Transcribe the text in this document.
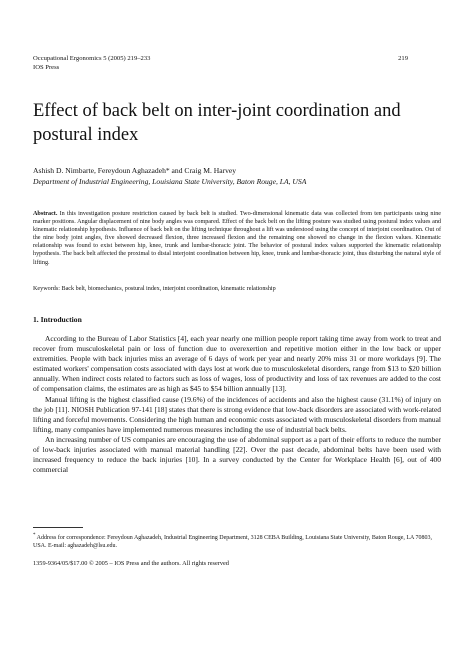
Occupational Ergonomics 5 (2005) 219–233
IOS Press
219
Effect of back belt on inter-joint coordination and postural index
Ashish D. Nimbarte, Fereydoun Aghazadeh* and Craig M. Harvey
Department of Industrial Engineering, Louisiana State University, Baton Rouge, LA, USA

Abstract. In this investigation posture restriction caused by back belt is studied. Two-dimensional kinematic data was collected from ten participants using nine marker positions. Angular displacement of nine body angles was compared. Effect of the back belt on the lifting posture was studied using postural index values and kinematic relationship hypothesis. Influence of back belt on the lifting technique throughout a lift was understood using the concept of interjoint coordination. Out of the nine body joint angles, five showed decreased flexion, three increased flexion and the remaining one showed no change in the flexion values. Kinematic relationship was found to exist between hip, knee, trunk and lumbar-thoracic joint. The behavior of postural index values supported the kinematic relationship hypothesis. The back belt affected the proximal to distal interjoint coordination between hip, knee, trunk and lumbar-thoracic joint, thus disturbing the natural style of lifting.

Keywords: Back belt, biomechanics, postural index, interjoint coordination, kinematic relationship

1. Introduction

According to the Bureau of Labor Statistics [4], each year nearly one million people report taking time away from work to treat and recover from musculoskeletal pain or loss of function due to overexertion and repetitive motion either in the low back or upper extremities. People with back injuries miss an average of 6 days of work per year and nearly 20% miss 31 or more workdays [9]. The estimated workers' compensation costs associated with days lost at work due to musculoskeletal disorders, range from $13 to $20 billion annually. When indirect costs related to factors such as loss of wages, loss of productivity and loss of tax revenues are added to the cost of compensation claims, the estimates are as high as $45 to $54 billion annually [13].

Manual lifting is the highest classified cause (19.6%) of the incidences of accidents and also the highest cause (31.1%) of injury on the job [11]. NIOSH Publication 97-141 [18] states that there is strong evidence that low-back disorders are associated with work-related lifting and forceful movements. Considering the high human and economic costs associated with musculoskeletal disorders from manual lifting, many companies have implemented numerous measures including the use of industrial back belts.

An increasing number of US companies are encouraging the use of abdominal support as a part of their efforts to reduce the number of low-back injuries associated with manual material handling [22]. Over the past decade, abdominal belts have been used with increased frequency to reduce the back injuries [10]. In a survey conducted by the Center for Workplace Health [6], out of 400 commercial

* Address for correspondence: Fereydoun Aghazadeh, Industrial Engineering Department, 3128 CEBA Building, Louisiana State University, Baton Rouge, LA 70803, USA. E-mail: aghazadeh@lsu.edu.

1359-9364/05/$17.00 © 2005 – IOS Press and the authors. All rights reserved
